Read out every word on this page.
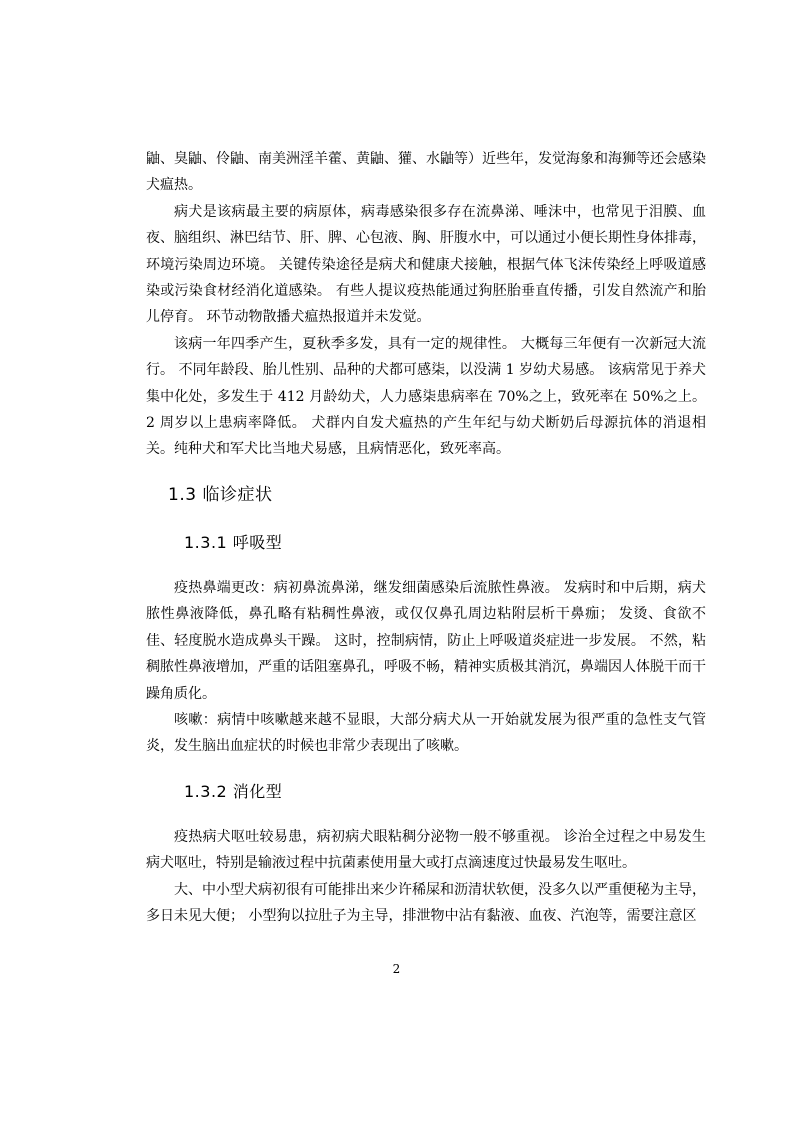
鼬、臭鼬、伶鼬、南美洲淫羊藿、黄鼬、獾、水鼬等）近些年，发觉海象和海狮等还会感染犬瘟热。

病犬是该病最主要的病原体，病毒感染很多存在流鼻涕、唾沫中，也常见于泪膜、血夜、脑组织、淋巴结节、肝、脾、心包液、胸、肝腹水中，可以通过小便长期性身体排毒，环境污染周边环境。 关键传染途径是病犬和健康犬接触，根据气体飞沫传染经上呼吸道感染或污染食材经消化道感染。 有些人提议疫热能通过狗胚胎垂直传播，引发自然流产和胎儿停育。 环节动物散播犬瘟热报道并未发觉。

该病一年四季产生，夏秋季多发，具有一定的规律性。 大概每三年便有一次新冠大流行。 不同年龄段、胎儿性别、品种的犬都可感柒，以没满 1 岁幼犬易感。 该病常见于养犬集中化处，多发生于 412 月龄幼犬，人力感柒患病率在 70%之上，致死率在 50%之上。 2 周岁以上患病率降低。 犬群内自发犬瘟热的产生年纪与幼犬断奶后母源抗体的消退相关。纯种犬和军犬比当地犬易感，且病情恶化，致死率高。

1.3 临诊症状
1.3.1 呼吸型

疫热鼻端更改：病初鼻流鼻涕，继发细菌感染后流脓性鼻液。 发病时和中后期，病犬脓性鼻液降低，鼻孔略有粘稠性鼻液，或仅仅鼻孔周边粘附层析干鼻痂； 发烫、食欲不佳、轻度脱水造成鼻头干躁。 这时，控制病情，防止上呼吸道炎症进一步发展。 不然，粘稠脓性鼻液增加，严重的话阻塞鼻孔，呼吸不畅，精神实质极其消沉，鼻端因人体脱干而干躁角质化。

咳嗽：病情中咳嗽越来越不显眼，大部分病犬从一开始就发展为很严重的急性支气管炎，发生脑出血症状的时候也非常少表现出了咳嗽。

1.3.2 消化型

疫热病犬呕吐较易患，病初病犬眼粘稠分泌物一般不够重视。 诊治全过程之中易发生病犬呕吐，特别是输液过程中抗菌素使用量大或打点滴速度过快最易发生呕吐。

大、中小型犬病初很有可能排出来少许稀屎和沥清状软便，没多久以严重便秘为主导，多日未见大便； 小型狗以拉肚子为主导，排泄物中沾有黏液、血夜、汽泡等，需要注意区

2
